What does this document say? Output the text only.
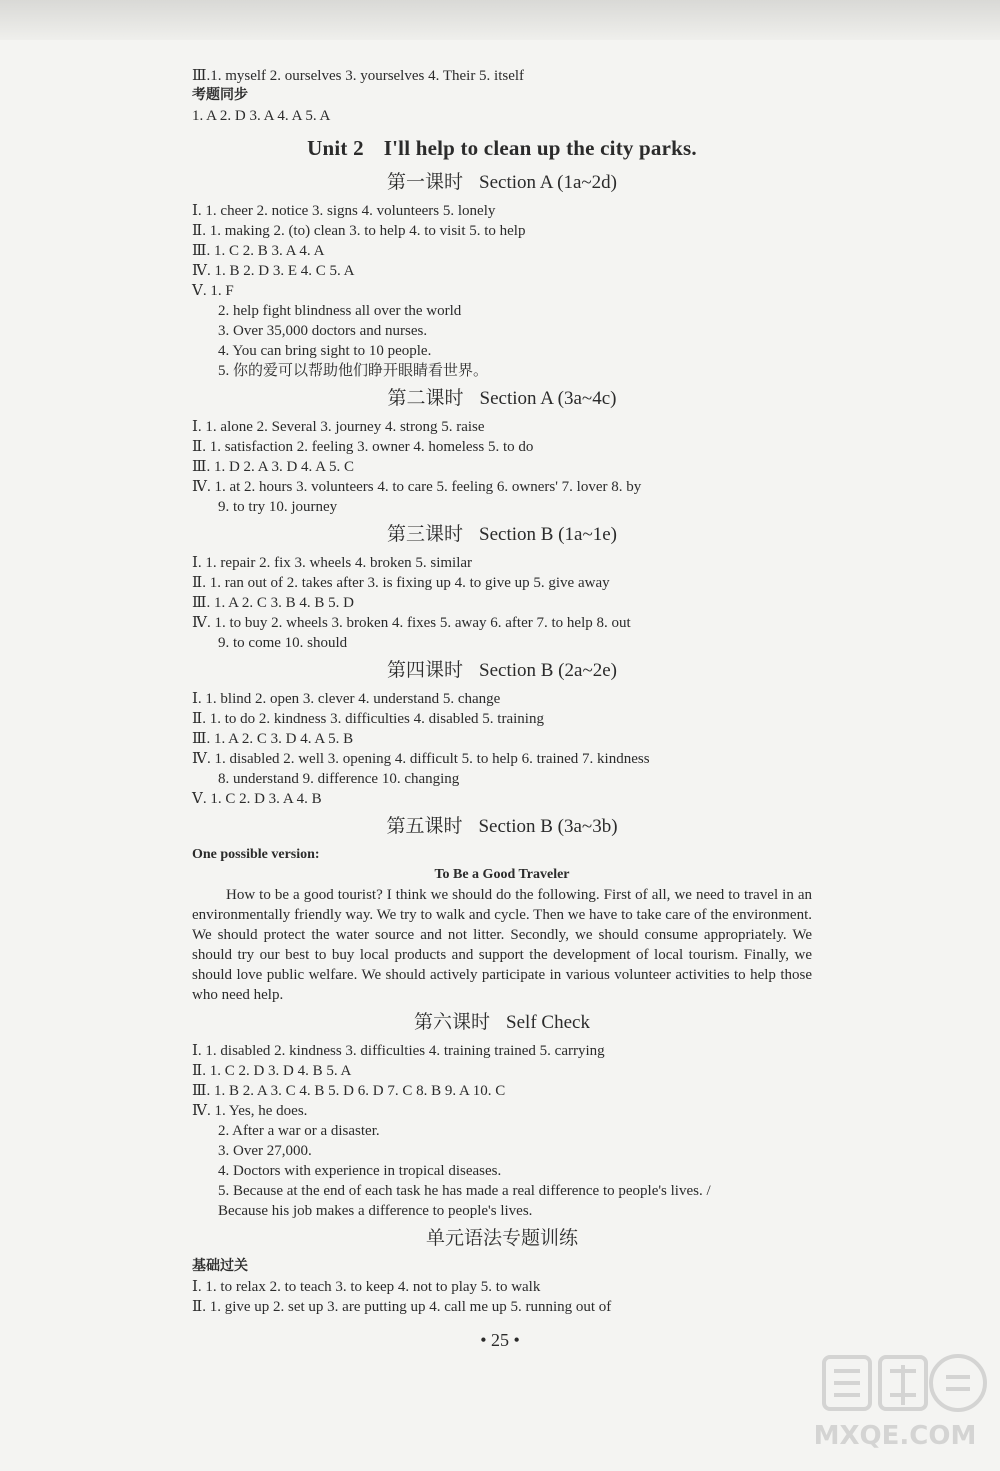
Ⅲ.1. myself 2. ourselves 3. yourselves 4. Their 5. itself
考题同步
1. A 2. D 3. A 4. A 5. A
Unit 2 I'll help to clean up the city parks.
第一课时 Section A (1a~2d)
Ⅰ. 1. cheer 2. notice 3. signs 4. volunteers 5. lonely
Ⅱ. 1. making 2. (to) clean 3. to help 4. to visit 5. to help
Ⅲ. 1. C 2. B 3. A 4. A
Ⅳ. 1. B 2. D 3. E 4. C 5. A
Ⅴ. 1. F
2. help fight blindness all over the world
3. Over 35,000 doctors and nurses.
4. You can bring sight to 10 people.
5. 你的爱可以帮助他们睁开眼睛看世界。
第二课时 Section A (3a~4c)
Ⅰ. 1. alone 2. Several 3. journey 4. strong 5. raise
Ⅱ. 1. satisfaction 2. feeling 3. owner 4. homeless 5. to do
Ⅲ. 1. D 2. A 3. D 4. A 5. C
Ⅳ. 1. at 2. hours 3. volunteers 4. to care 5. feeling 6. owners' 7. lover 8. by
9. to try 10. journey
第三课时 Section B (1a~1e)
Ⅰ. 1. repair 2. fix 3. wheels 4. broken 5. similar
Ⅱ. 1. ran out of 2. takes after 3. is fixing up 4. to give up 5. give away
Ⅲ. 1. A 2. C 3. B 4. B 5. D
Ⅳ. 1. to buy 2. wheels 3. broken 4. fixes 5. away 6. after 7. to help 8. out
9. to come 10. should
第四课时 Section B (2a~2e)
Ⅰ. 1. blind 2. open 3. clever 4. understand 5. change
Ⅱ. 1. to do 2. kindness 3. difficulties 4. disabled 5. training
Ⅲ. 1. A 2. C 3. D 4. A 5. B
Ⅳ. 1. disabled 2. well 3. opening 4. difficult 5. to help 6. trained 7. kindness
8. understand 9. difference 10. changing
Ⅴ. 1. C 2. D 3. A 4. B
第五课时 Section B (3a~3b)
One possible version:
To Be a Good Traveler
How to be a good tourist? I think we should do the following. First of all, we need to travel in an environmentally friendly way. We try to walk and cycle. Then we have to take care of the environment. We should protect the water source and not litter. Secondly, we should consume appropriately. We should try our best to buy local products and support the development of local tourism. Finally, we should love public welfare. We should actively participate in various volunteer activities to help those who need help.
第六课时 Self Check
Ⅰ. 1. disabled 2. kindness 3. difficulties 4. training trained 5. carrying
Ⅱ. 1. C 2. D 3. D 4. B 5. A
Ⅲ. 1. B 2. A 3. C 4. B 5. D 6. D 7. C 8. B 9. A 10. C
Ⅳ. 1. Yes, he does.
2. After a war or a disaster.
3. Over 27,000.
4. Doctors with experience in tropical diseases.
5. Because at the end of each task he has made a real difference to people's lives. /
Because his job makes a difference to people's lives.
单元语法专题训练
基础过关
Ⅰ. 1. to relax 2. to teach 3. to keep 4. not to play 5. to walk
Ⅱ. 1. give up 2. set up 3. are putting up 4. call me up 5. running out of
• 25 •
MXQE.COM
